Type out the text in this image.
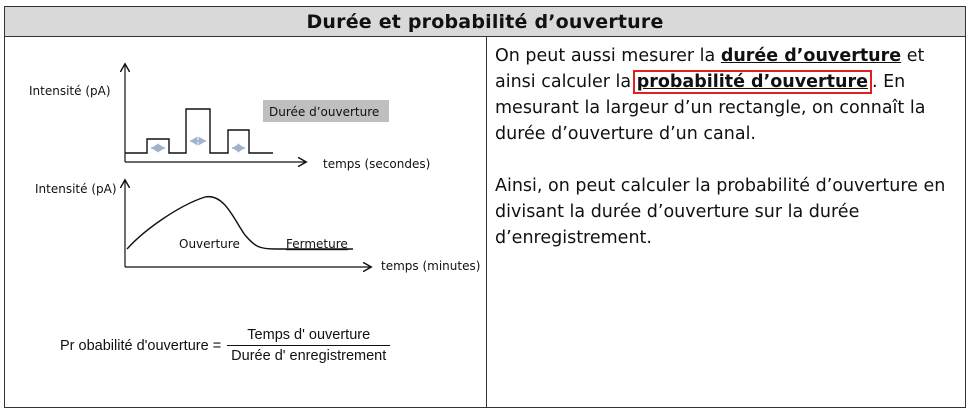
Durée et probabilité d’ouverture
Intensité (pA)
temps (secondes)
Durée d’ouverture
Intensité (pA)
temps (minutes)
Ouverture	Fermeture
Pr obabilité d'ouverture = $\frac{\text{Temps d' ouverture}}{\text{Durée d' enregistrement}}$

On peut aussi mesurer la durée d’ouverture et ainsi calculer la probabilité d’ouverture . En mesurant la largeur d’un rectangle, on connaît la durée d’ouverture d’un canal.

Ainsi, on peut calculer la probabilité d’ouverture en divisant la durée d’ouverture sur la durée d’enregistrement.
